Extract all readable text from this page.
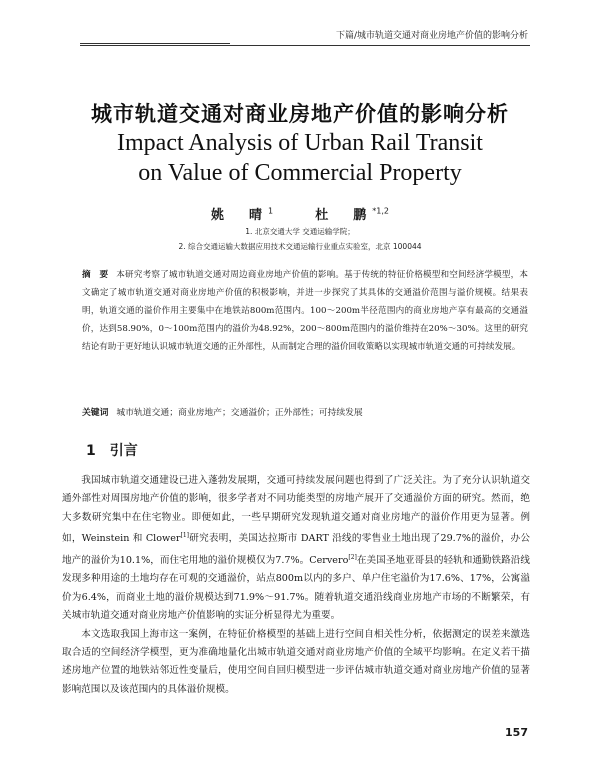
下篇/城市轨道交通对商业房地产价值的影响分析
城市轨道交通对商业房地产价值的影响分析
Impact Analysis of Urban Rail Transit
on Value of Commercial Property
姚　晴$^1$	杜　鹏$^{*1,2}$
1. 北京交通大学 交通运输学院；
2. 综合交通运输大数据应用技术交通运输行业重点实验室，北京 100044
摘　要 本研究考察了城市轨道交通对周边商业房地产价值的影响。基于传统的特征价格模型和空间经济学模型，本文确定了城市轨道交通对商业房地产价值的积极影响，并进一步探究了其具体的交通溢价范围与溢价规模。结果表明，轨道交通的溢价作用主要集中在地铁站800m范围内。100～200m半径范围内的商业房地产享有最高的交通溢价，达到58.90%，0～100m范围内的溢价为48.92%，200～800m范围内的溢价维持在20%～30%。这里的研究结论有助于更好地认识城市轨道交通的正外部性，从而制定合理的溢价回收策略以实现城市轨道交通的可持续发展。
关键词 城市轨道交通；商业房地产；交通溢价；正外部性；可持续发展
1 引言

我国城市轨道交通建设已进入蓬勃发展期，交通可持续发展问题也得到了广泛关注。为了充分认识轨道交通外部性对周围房地产价值的影响，很多学者对不同功能类型的房地产展开了交通溢价方面的研究。然而，绝大多数研究集中在住宅物业。即便如此，一些早期研究发现轨道交通对商业房地产的溢价作用更为显著。例如，Weinstein 和 Clower[1]研究表明，美国达拉斯市 DART 沿线的零售业土地出现了29.7%的溢价，办公地产的溢价为10.1%，而住宅用地的溢价规模仅为7.7%。Cervero[2]在美国圣地亚哥县的轻轨和通勤铁路沿线发现多种用途的土地均存在可观的交通溢价，站点800m以内的多户、单户住宅溢价为17.6%、17%，公寓溢价为6.4%，而商业土地的溢价规模达到71.9%～91.7%。随着轨道交通沿线商业房地产市场的不断繁荣，有关城市轨道交通对商业房地产价值影响的实证分析显得尤为重要。

本文选取我国上海市这一案例，在特征价格模型的基础上进行空间自相关性分析，依据测定的误差来激选取合适的空间经济学模型，更为准确地量化出城市轨道交通对商业房地产价值的全域平均影响。在定义若干描述房地产位置的地铁站邻近性变量后，使用空间自回归模型进一步评估城市轨道交通对商业房地产价值的显著影响范围以及该范围内的具体溢价规模。

157
